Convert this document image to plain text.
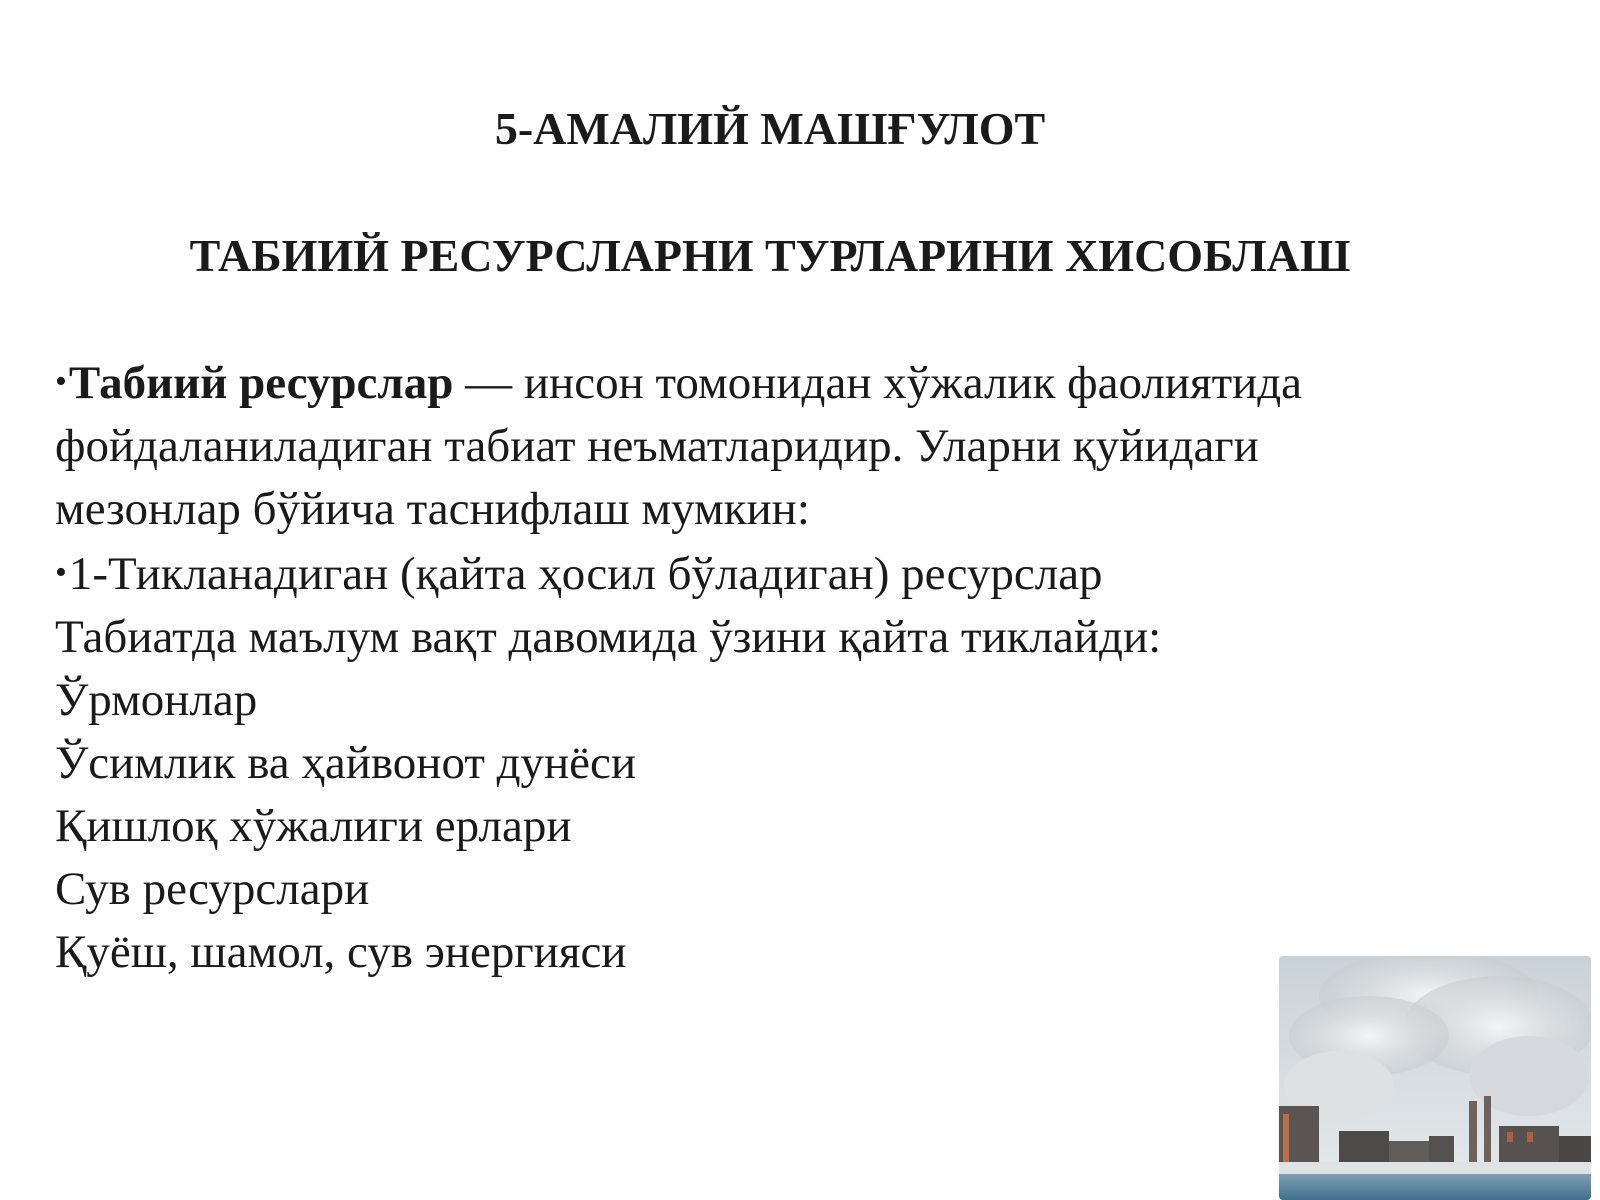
5-АМАЛИЙ МАШҒУЛОТ
ТАБИИЙ РЕСУРСЛАРНИ ТУРЛАРИНИ ХИСОБЛАШ

•Табиий ресурслар — инсон томонидан хўжалик фаолиятида

фойдаланиладиган табиат неъматларидир. Уларни қуйидаги

мезонлар бўйича таснифлаш мумкин:

•1-Тикланадиган (қайта ҳосил бўладиган) ресурслар

Табиатда маълум вақт давомида ўзини қайта тиклайди:

Ўрмонлар

Ўсимлик ва ҳайвонот дунёси

Қишлоқ хўжалиги ерлари

Сув ресурслари

Қуёш, шамол, сув энергияси
